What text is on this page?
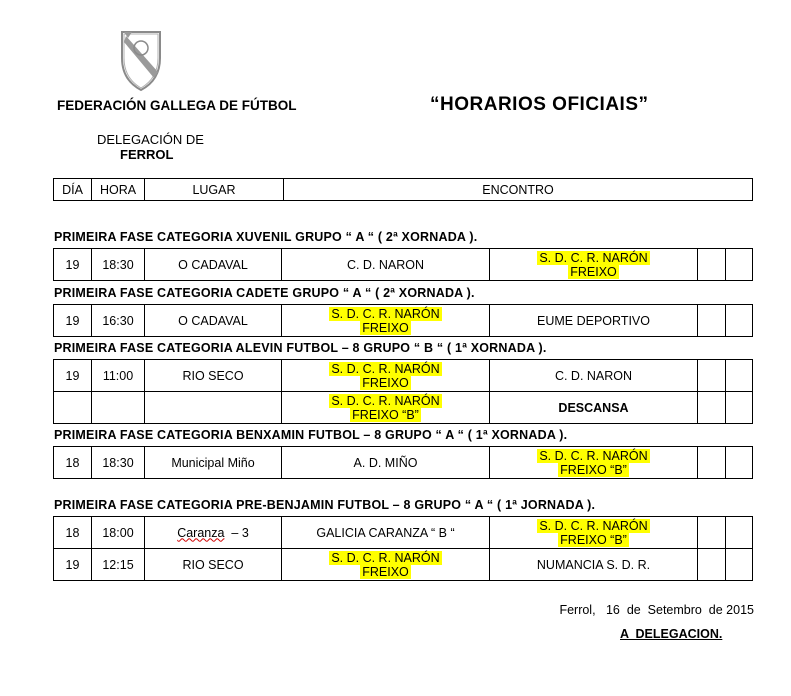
FEDERACIÓN GALLEGA DE FÚTBOL	“HORARIOS OFICIAIS”
DELEGACIÓN DE
FERROL
DÍA	HORA	LUGAR	ENCONTRO
PRIMEIRA FASE CATEGORIA XUVENIL GRUPO “ A “ ( 2ª XORNADA ).
19	18:30	O CADAVAL	C. D. NARON	S. D. C. R. NARÓN
FREIXO		
PRIMEIRA FASE CATEGORIA CADETE GRUPO “ A “ ( 2ª XORNADA ).
19	16:30	O CADAVAL	S. D. C. R. NARÓN
FREIXO	EUME DEPORTIVO		
PRIMEIRA FASE CATEGORIA ALEVIN FUTBOL – 8 GRUPO “ B “ ( 1ª XORNADA ).
19	11:00	RIO SECO	S. D. C. R. NARÓN
FREIXO	C. D. NARON		
			S. D. C. R. NARÓN
FREIXO “B”	DESCANSA		
PRIMEIRA FASE CATEGORIA BENXAMIN FUTBOL – 8 GRUPO “ A “ ( 1ª XORNADA ).
18	18:30	Municipal Miño	A. D. MIÑO	S. D. C. R. NARÓN
FREIXO “B”		
PRIMEIRA FASE CATEGORIA PRE-BENJAMIN FUTBOL – 8 GRUPO “ A “ ( 1ª JORNADA ).
18	18:00	Caranza  – 3	GALICIA CARANZA “ B “	S. D. C. R. NARÓN
FREIXO “B”		
19	12:15	RIO SECO	S. D. C. R. NARÓN
FREIXO	NUMANCIA S. D. R.		
Ferrol,   16  de  Setembro  de 2015
A  DELEGACION.
